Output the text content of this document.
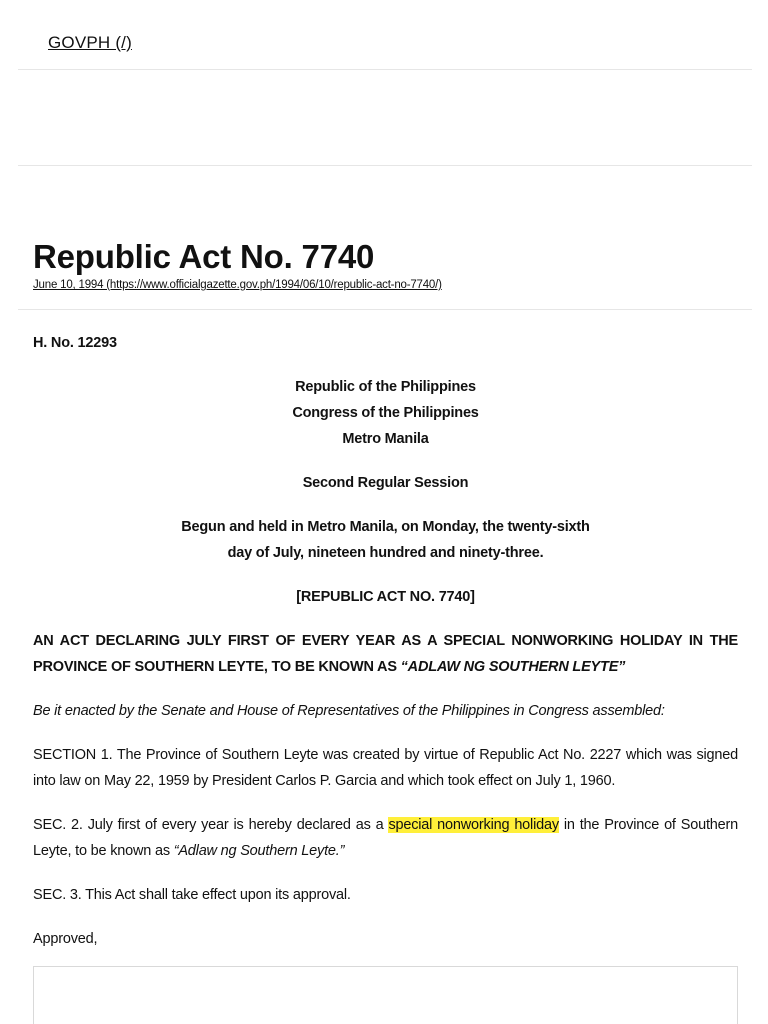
GOVPH (/)
Republic Act No. 7740
June 10, 1994 (https://www.officialgazette.gov.ph/1994/06/10/republic-act-no-7740/)

H. No. 12293

Republic of the Philippines

Congress of the Philippines

Metro Manila

Second Regular Session

Begun and held in Metro Manila, on Monday, the twenty-sixth

day of July, nineteen hundred and ninety-three.

[REPUBLIC ACT NO. 7740]

AN ACT DECLARING JULY FIRST OF EVERY YEAR AS A SPECIAL NONWORKING HOLIDAY IN THE PROVINCE OF SOUTHERN LEYTE, TO BE KNOWN AS “ADLAW NG SOUTHERN LEYTE”

Be it enacted by the Senate and House of Representatives of the Philippines in Congress assembled:

SECTION 1. The Province of Southern Leyte was created by virtue of Republic Act No. 2227 which was signed into law on May 22, 1959 by President Carlos P. Garcia and which took effect on July 1, 1960.

SEC. 2. July first of every year is hereby declared as a special nonworking holiday in the Province of Southern Leyte, to be known as “Adlaw ng Southern Leyte.”

SEC. 3. This Act shall take effect upon its approval.

Approved,
